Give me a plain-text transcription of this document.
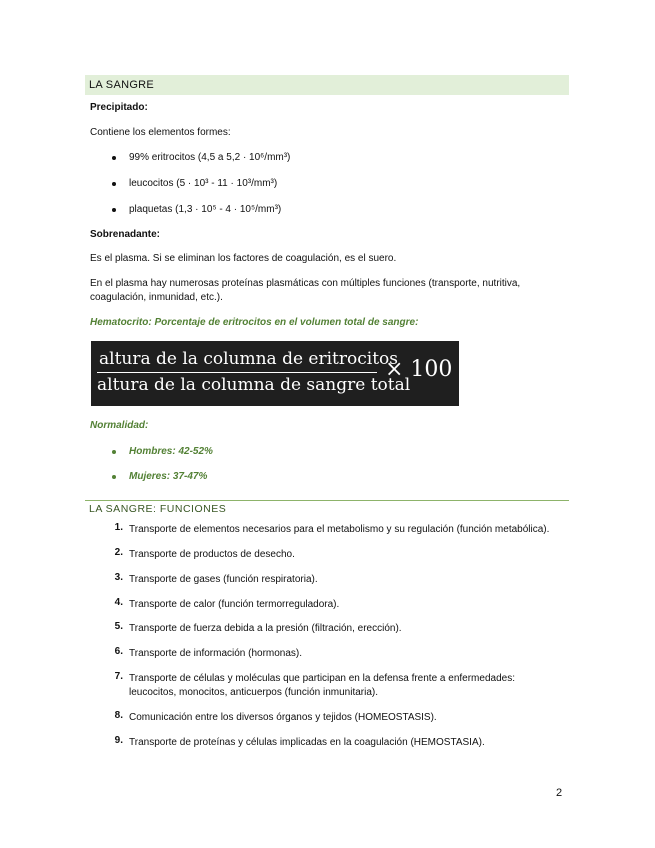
LA SANGRE
Precipitado:
Contiene los elementos formes:
99% eritrocitos (4,5 a 5,2 · 10⁶/mm³)
leucocitos (5 · 10³ - 11 · 10³/mm³)
plaquetas (1,3 · 10⁵ - 4 · 10⁵/mm³)
Sobrenadante:
Es el plasma. Si se eliminan los factores de coagulación, es el suero.
En el plasma hay numerosas proteínas plasmáticas con múltiples funciones (transporte, nutritiva,
coagulación, inmunidad, etc.).
Hematocrito: Porcentaje de eritrocitos en el volumen total de sangre:
altura de la columna de eritrocitos
altura de la columna de sangre total
× 100
Normalidad:
Hombres: 42-52%
Mujeres: 37-47%
LA SANGRE: FUNCIONES
1. Transporte de elementos necesarios para el metabolismo y su regulación (función metabólica).
2. Transporte de productos de desecho.
3. Transporte de gases (función respiratoria).
4. Transporte de calor (función termorreguladora).
5. Transporte de fuerza debida a la presión (filtración, erección).
6. Transporte de información (hormonas).
7. Transporte de células y moléculas que participan en la defensa frente a enfermedades:
leucocitos, monocitos, anticuerpos (función inmunitaria).
8. Comunicación entre los diversos órganos y tejidos (HOMEOSTASIS).
9. Transporte de proteínas y células implicadas en la coagulación (HEMOSTASIA).
2
